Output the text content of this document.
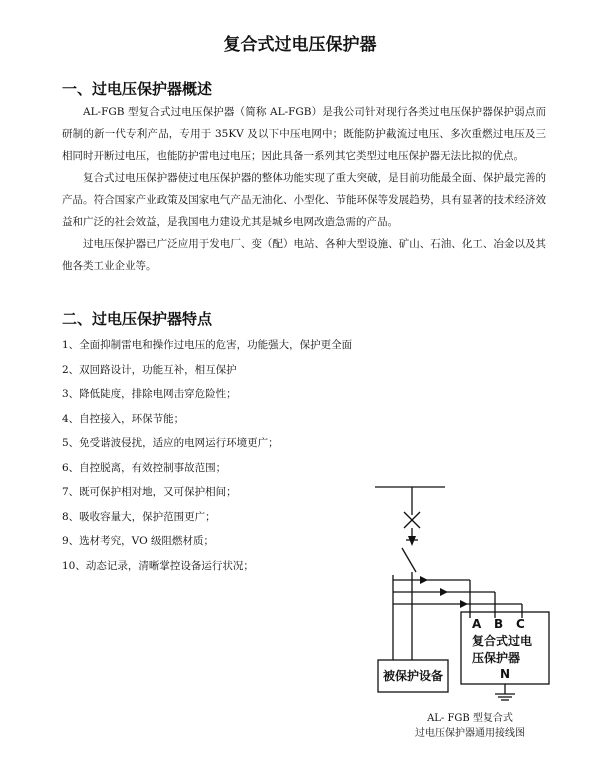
复合式过电压保护器
一、过电压保护器概述
AL-FGB 型复合式过电压保护器（简称 AL-FGB）是我公司针对现行各类过电压保护器保护弱点而研制的新一代专利产品，专用于 35KV 及以下中压电网中；既能防护截流过电压、多次重燃过电压及三相同时开断过电压，也能防护雷电过电压；因此具备一系列其它类型过电压保护器无法比拟的优点。
复合式过电压保护器使过电压保护器的整体功能实现了重大突破，是目前功能最全面、保护最完善的产品。符合国家产业政策及国家电气产品无油化、小型化、节能环保等发展趋势，具有显著的技术经济效益和广泛的社会效益，是我国电力建设尤其是城乡电网改造急需的产品。
过电压保护器已广泛应用于发电厂、变（配）电站、各种大型设施、矿山、石油、化工、冶金以及其他各类工业企业等。
二、过电压保护器特点
1、全面抑制雷电和操作过电压的危害，功能强大，保护更全面
2、双回路设计，功能互补，相互保护
3、降低陡度，排除电网击穿危险性；
4、自控接入，环保节能；
5、免受谐波侵扰，适应的电网运行环境更广；
6、自控脱离，有效控制事故范围；
7、既可保护相对地，又可保护相间；
8、吸收容量大，保护范围更广；
9、选材考究，VO 级阻燃材质；
10、动态记录，清晰掌控设备运行状况；
A B C
复合式过电
压保护器
N
被保护设备
AL- FGB 型复合式
过电压保护器通用接线图
